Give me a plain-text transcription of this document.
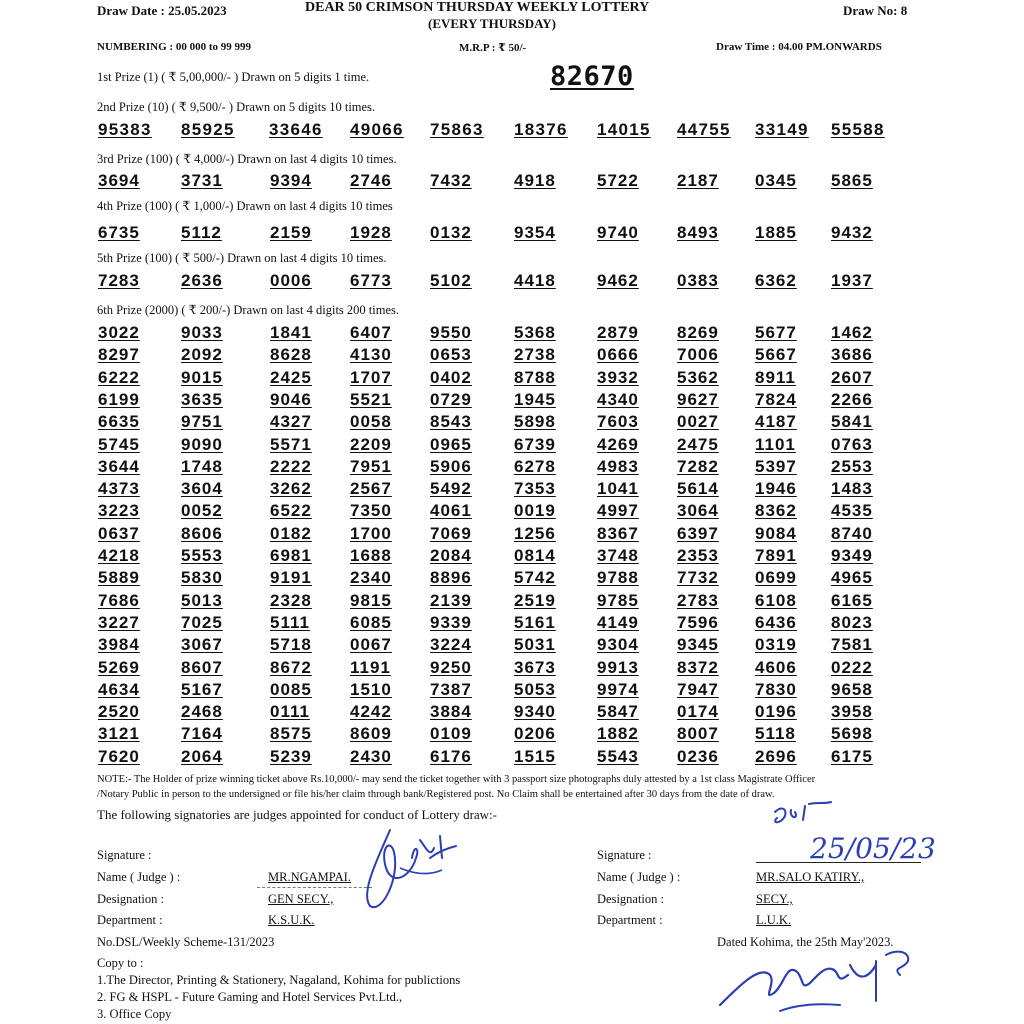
Draw Date : 25.05.2023	DEAR 50 CRIMSON THURSDAY WEEKLY LOTTERY
(EVERY THURSDAY)
Draw No: 8
NUMBERING : 00 000 to 99 999	M.R.P : ₹ 50/-	Draw Time : 04.00 PM.ONWARDS
1st Prize (1) ( ₹ 5,00,000/- ) Drawn on 5 digits 1 time.	82670
2nd Prize (10) ( ₹ 9,500/- ) Drawn on 5 digits 10 times.
95383 85925 33646 49066 75863 18376 14015 44755 33149 55588
3rd Prize (100) ( ₹ 4,000/-) Drawn on last 4 digits 10 times.
3694 3731	9394 2746 7432 4918 5722 2187 0345 5865
4th Prize (100) ( ₹ 1,000/-) Drawn on last 4 digits 10 times
6735 5112	2159 1928 0132 9354 9740 8493 1885 9432
5th Prize (100) ( ₹ 500/-) Drawn on last 4 digits 10 times.
7283 2636	0006 6773 5102 4418 9462 0383 6362 1937
6th Prize (2000) ( ₹ 200/-) Drawn on last 4 digits 200 times.
3022 9033	1841 6407 9550 5368 2879 8269 5677 1462
8297 2092	8628 4130 0653 2738 0666 7006 5667 3686
6222 9015	2425 1707 0402 8788 3932 5362 8911 2607
6199 3635	9046 5521 0729 1945 4340 9627 7824 2266
6635 9751	4327 0058 8543 5898 7603 0027 4187 5841
5745 9090	5571 2209 0965 6739 4269 2475 1101 0763
3644 1748	2222 7951 5906 6278 4983 7282 5397 2553
4373 3604	3262 2567 5492 7353 1041 5614 1946 1483
3223 0052	6522 7350 4061 0019 4997 3064 8362 4535
0637 8606	0182 1700 7069 1256 8367 6397 9084 8740
4218 5553	6981 1688 2084 0814 3748 2353 7891 9349
5889 5830	9191 2340 8896 5742 9788 7732 0699 4965
7686 5013	2328 9815 2139 2519 9785 2783 6108 6165
3227 7025	5111 6085 9339 5161 4149 7596 6436 8023
3984 3067	5718 0067 3224 5031 9304 9345 0319 7581
5269 8607	8672 1191 9250 3673 9913 8372 4606 0222
4634 5167	0085 1510 7387 5053 9974 7947 7830 9658
2520 2468	0111 4242 3884 9340 5847 0174 0196 3958
3121 7164	8575 8609 0109 0206 1882 8007 5118 5698
7620 2064	5239 2430 6176 1515 5543 0236 2696 6175
NOTE:- The Holder of prize winning ticket above Rs.10,000/- may send the ticket together with 3 passport size photographs duly attested by a 1st class Magistrate Officer
/Notary Public in person to the undersigned or file his/her claim through bank/Registered post. No Claim shall be entertained after 30 days from the date of draw.
The following signatories are judges appointed for conduct of Lottery draw:-
Signature :
Name ( Judge ) :	MR.NGAMPAI.
Designation :	GEN SECY.,
Department :	K.S.U.K.
Signature :
Name ( Judge ) :	MR.SALO KATIRY.,
Designation :	SECY.,
Department :	L.U.K.
No.DSL/Weekly Scheme-131/2023	Dated Kohima, the 25th May'2023.
Copy to :
1.The Director, Printing & Stationery, Nagaland, Kohima for publictions
2. FG & HSPL - Future Gaming and Hotel Services Pvt.Ltd.,
3. Office Copy
25/05/23
